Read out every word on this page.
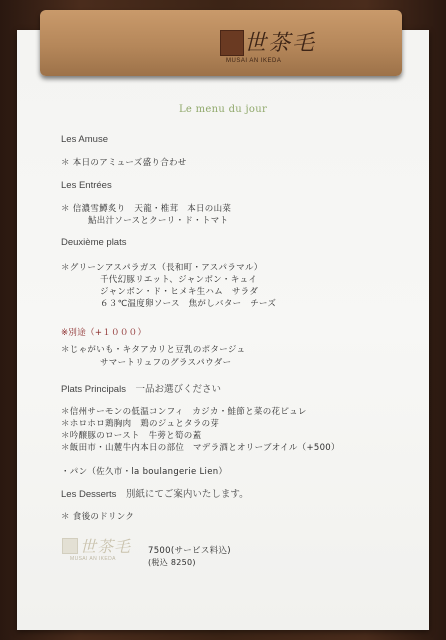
世茶毛
MUSAI AN IKEDA
Le menu du jour
Les Amuse
＊ 本日のアミューズ盛り合わせ
Les Entrées
＊ 信濃雪鱒炙り　天龍・椎茸　本日の山菜
鮎出汁ソースとクーリ・ド・トマト
Deuxième plats
＊グリーンアスパラガス（長和町・アスパラマル）
千代幻豚リエット、ジャンボン・キュイ
ジャンボン・ド・ヒメキ生ハム　サラダ
６３℃温度卵ソース　焦がしバター　チーズ
※別途（+１０００）
＊じゃがいも・キタアカリと豆乳のポタージュ
サマートリュフのグラスパウダー
Plats Principals　一品お選びください
＊信州サーモンの低温コンフィ　カジカ・鮭節と菜の花ピュレ
＊ホロホロ鶏胸肉　鶏のジュとタラの芽
＊吟醸豚のロースト　牛蒡と筍の蓋
＊飯田市・山麓牛内本日の部位　マデラ酒とオリーブオイル（+500）
・パン（佐久市・la boulangerie Lien）
Les Desserts　別紙にてご案内いたします。
＊ 食後のドリンク
世茶毛
MUSAI AN IKEDA
7500(サービス料込)
(税込 8250)
